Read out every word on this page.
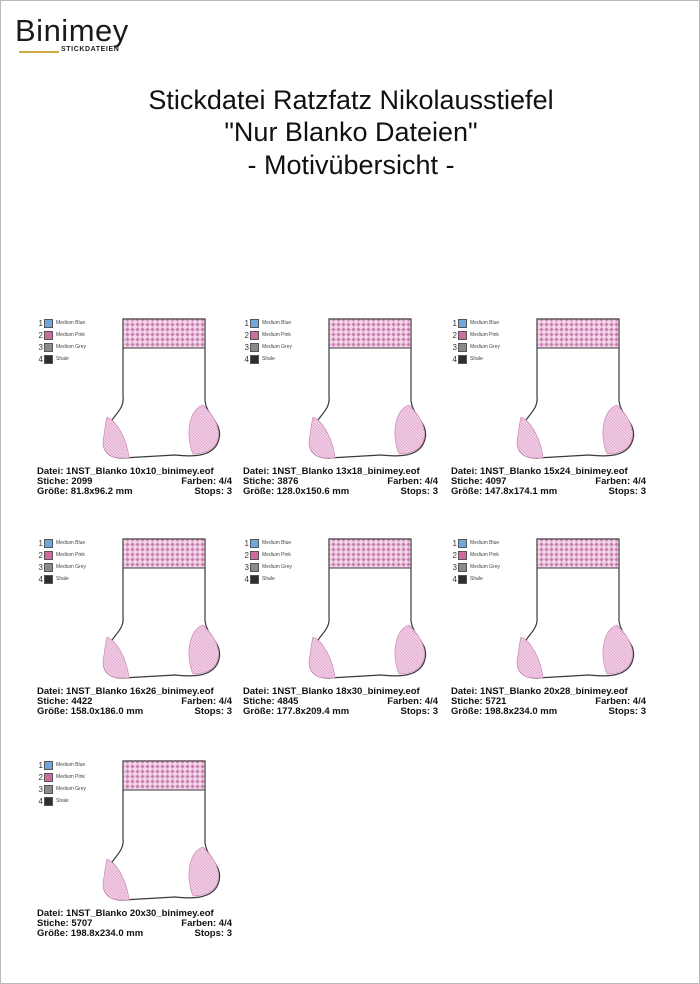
Binimey
STICKDATEIEN
Stickdatei Ratzfatz Nikolausstiefel
"Nur Blanko Dateien"
- Motivübersicht -
1	Medium Blue
2	Medium Pink
3	Medium Grey
4	Shale
Datei: 1NST_Blanko 10x10_binimey.eof
Stiche: 2099	Farben: 4/4
Größe: 81.8x96.2 mm	Stops: 3
1	Medium Blue
2	Medium Pink
3	Medium Grey
4	Shale
Datei: 1NST_Blanko 13x18_binimey.eof
Stiche: 3876	Farben: 4/4
Größe: 128.0x150.6 mm	Stops: 3
1	Medium Blue
2	Medium Pink
3	Medium Grey
4	Shale
Datei: 1NST_Blanko 15x24_binimey.eof
Stiche: 4097	Farben: 4/4
Größe: 147.8x174.1 mm	Stops: 3
1	Medium Blue
2	Medium Pink
3	Medium Grey
4	Shale
Datei: 1NST_Blanko 16x26_binimey.eof
Stiche: 4422	Farben: 4/4
Größe: 158.0x186.0 mm	Stops: 3
1	Medium Blue
2	Medium Pink
3	Medium Grey
4	Shale
Datei: 1NST_Blanko 18x30_binimey.eof
Stiche: 4845	Farben: 4/4
Größe: 177.8x209.4 mm	Stops: 3
1	Medium Blue
2	Medium Pink
3	Medium Grey
4	Shale
Datei: 1NST_Blanko 20x28_binimey.eof
Stiche: 5721	Farben: 4/4
Größe: 198.8x234.0 mm	Stops: 3
1	Medium Blue
2	Medium Pink
3	Medium Grey
4	Shale
Datei: 1NST_Blanko 20x30_binimey.eof
Stiche: 5707	Farben: 4/4
Größe: 198.8x234.0 mm	Stops: 3
